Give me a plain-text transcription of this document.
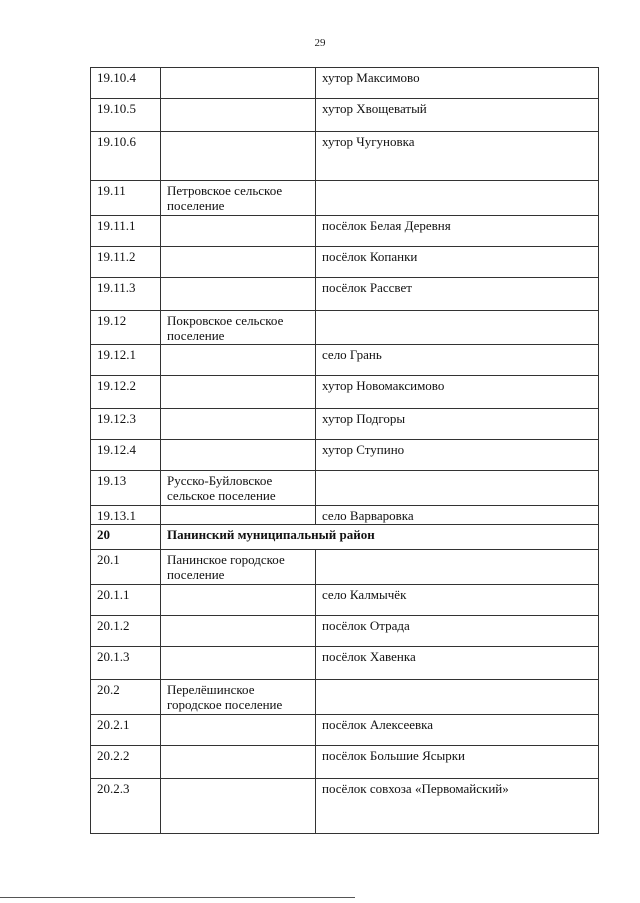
29
19.10.4		хутор Максимово
19.10.5		хутор Хвощеватый
19.10.6		хутор Чугуновка
19.11	Петровское сельское поселение	
19.11.1		посёлок Белая Деревня
19.11.2		посёлок Копанки
19.11.3		посёлок Рассвет
19.12	Покровское сельское поселение	
19.12.1		село Грань
19.12.2		хутор Новомаксимово
19.12.3		хутор Подгоры
19.12.4		хутор Ступино
19.13	Русско-Буйловское сельское поселение	
19.13.1		село Варваровка
20	Панинский муниципальный район	
20.1	Панинское городское поселение	
20.1.1		село Калмычёк
20.1.2		посёлок Отрада
20.1.3		посёлок Хавенка
20.2	Перелёшинское городское поселение	
20.2.1		посёлок Алексеевка
20.2.2		посёлок Большие Ясырки
20.2.3		посёлок совхоза «Первомайский»
